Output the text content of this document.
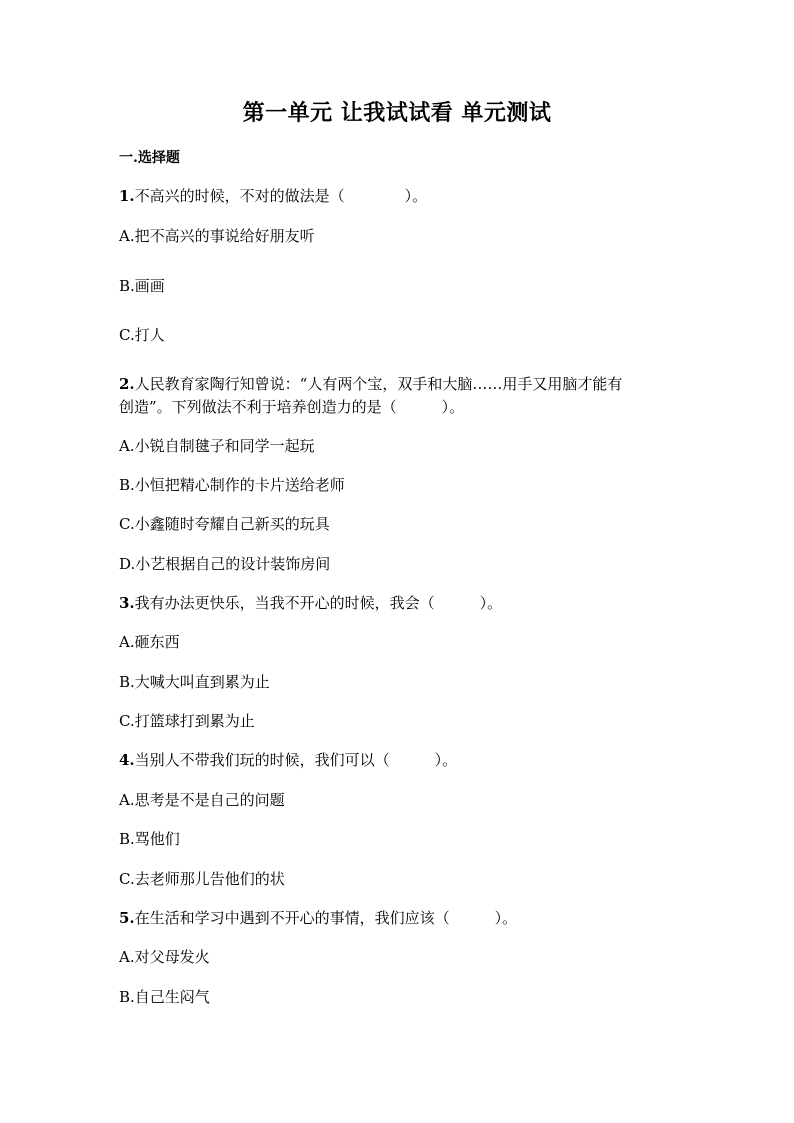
第一单元 让我试试看 单元测试
一.选择题
1.不高兴的时候，不对的做法是（　　　　）。
A.把不高兴的事说给好朋友听
B.画画
C.打人
2.人民教育家陶行知曾说：“人有两个宝，双手和大脑……用手又用脑才能有
创造”。下列做法不利于培养创造力的是（　　　）。
A.小锐自制毽子和同学一起玩
B.小恒把精心制作的卡片送给老师
C.小鑫随时夸耀自己新买的玩具
D.小艺根据自己的设计装饰房间
3.我有办法更快乐，当我不开心的时候，我会（　　　）。
A.砸东西
B.大喊大叫直到累为止
C.打篮球打到累为止
4.当别人不带我们玩的时候，我们可以（　　　）。
A.思考是不是自己的问题
B.骂他们
C.去老师那儿告他们的状
5.在生活和学习中遇到不开心的事情，我们应该（　　　）。
A.对父母发火
B.自己生闷气
